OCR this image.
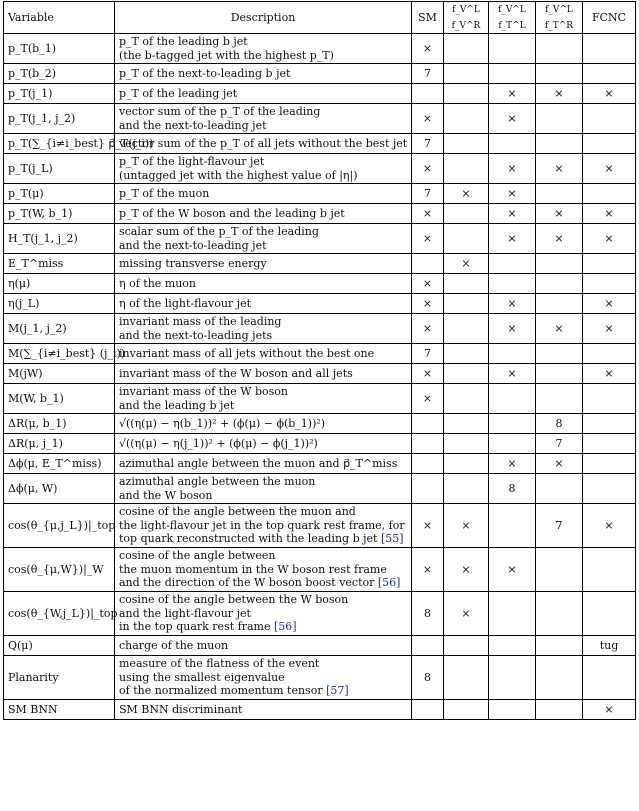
Variable	Description	SM	f_V^L f_V^R	f_V^L f_T^L	f_V^L f_T^R	FCNC
p_T(b_1)	p_T of the leading b jet
(the b-tagged jet with the highest p_T)	×				
p_T(b_2)	p_T of the next-to-leading b jet	7				
p_T(j_1)	p_T of the leading jet			×	×	×
p_T(j_1, j_2)	vector sum of the p_T of the leading
and the next-to-leading jet	×		×		
p_T(∑_{i≠i_best} p⃗_T(j_i))	vector sum of the p_T of all jets without the best jet	7				
p_T(j_L)	p_T of the light-flavour jet
(untagged jet with the highest value of |η|)	×		×	×	×
p_T(μ)	p_T of the muon	7	×	×		
p_T(W, b_1)	p_T of the W boson and the leading b jet	×		×	×	×
H_T(j_1, j_2)	scalar sum of the p_T of the leading
and the next-to-leading jet	×		×	×	×
E_T^miss	missing transverse energy		×			
η(μ)	η of the muon	×				
η(j_L)	η of the light-flavour jet	×		×		×
M(j_1, j_2)	invariant mass of the leading
and the next-to-leading jets	×		×	×	×
M(∑_{i≠i_best} (j_i))	invariant mass of all jets without the best one	7				
M(jW)	invariant mass of the W boson and all jets	×		×		×
M(W, b_1)	invariant mass of the W boson
and the leading b jet	×				
ΔR(μ, b_1)	√((η(μ) − η(b_1))² + (ϕ(μ) − ϕ(b_1))²)				8	
ΔR(μ, j_1)	√((η(μ) − η(j_1))² + (ϕ(μ) − ϕ(j_1))²)				7	
Δϕ(μ, E_T^miss)	azimuthal angle between the muon and p⃗_T^miss			×	×	
Δϕ(μ, W)	azimuthal angle between the muon
and the W boson			8		
cos(θ_{μ,j_L})|_top	cosine of the angle between the muon and
the light-flavour jet in the top quark rest frame, for
top quark reconstructed with the leading b jet [55]	×	×		7	×
cos(θ_{μ,W})|_W	cosine of the angle between
the muon momentum in the W boson rest frame
and the direction of the W boson boost vector [56]	×	×	×		
cos(θ_{W,j_L})|_top	cosine of the angle between the W boson
and the light-flavour jet
in the top quark rest frame [56]	8	×			
Q(μ)	charge of the muon					tug
Planarity	measure of the flatness of the event
using the smallest eigenvalue
of the normalized momentum tensor [57]	8				
SM BNN	SM BNN discriminant					×
